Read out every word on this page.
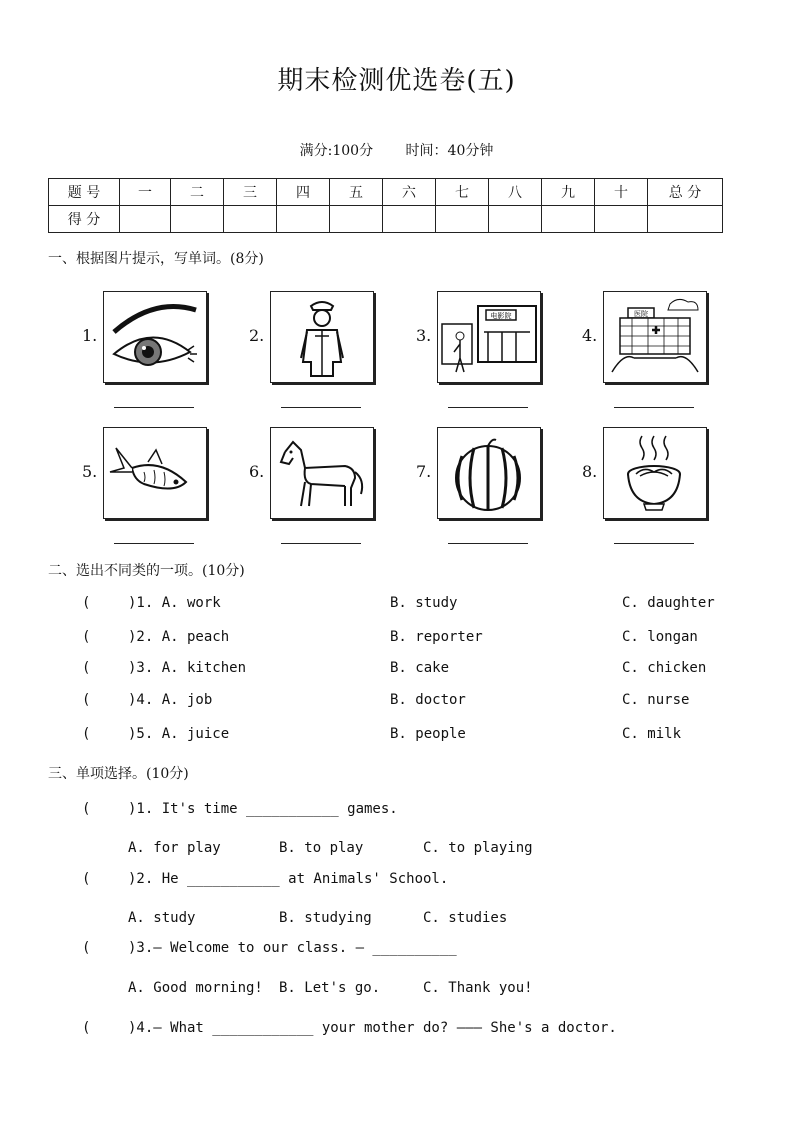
期末检测优选卷(五)
满分:100分 时间：40分钟
题 号	一	二	三	四	五	六	七	八	九	十	总 分
得 分											
一、根据图片提示，写单词。(8分)
1.	2.	3.
电影院
4.
医院
5.	6.	7.	8.
二、选出不同类的一项。(10分)
(	)1. A. work	B. study	C. daughter
(	)2. A. peach	B. reporter	C. longan
(	)3. A. kitchen	B. cake	C. chicken
(	)4. A. job	B. doctor	C. nurse
(	)5. A. juice	B. people	C. milk
三、单项选择。(10分)
(	)1. It's time ___________ games.
A. for play	B. to play	C. to playing
(	)2. He ___________ at Animals' School.
A. study	B. studying	C. studies
(	)3.— Welcome to our class. — __________
A. Good morning! B. Let's go.	C. Thank you!
(	)4.— What ____________ your mother do? ——— She's a doctor.
